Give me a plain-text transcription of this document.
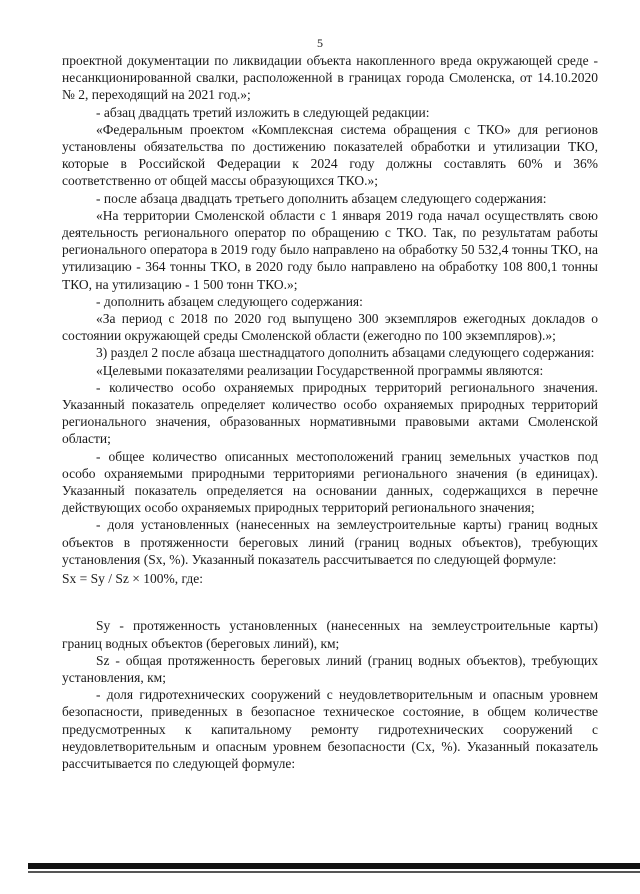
5

проектной документации по ликвидации объекта накопленного вреда окружающей среде - несанкционированной свалки, расположенной в границах города Смоленска, от 14.10.2020 № 2, переходящий на 2021 год.»;

- абзац двадцать третий изложить в следующей редакции:

«Федеральным проектом «Комплексная система обращения с ТКО» для регионов установлены обязательства по достижению показателей обработки и утилизации ТКО, которые в Российской Федерации к 2024 году должны составлять 60% и 36% соответственно от общей массы образующихся ТКО.»;

- после абзаца двадцать третьего дополнить абзацем следующего содержания:

«На территории Смоленской области с 1 января 2019 года начал осуществлять свою деятельность регионального оператор по обращению с ТКО. Так, по результатам работы регионального оператора в 2019 году было направлено на обработку 50 532,4 тонны ТКО, на утилизацию - 364 тонны ТКО, в 2020 году было направлено на обработку 108 800,1 тонны ТКО, на утилизацию - 1 500 тонн ТКО.»;

- дополнить абзацем следующего содержания:

«За период с 2018 по 2020 год выпущено 300 экземпляров ежегодных докладов о состоянии окружающей среды Смоленской области (ежегодно по 100 экземпляров).»;

3) раздел 2 после абзаца шестнадцатого дополнить абзацами следующего содержания:

«Целевыми показателями реализации Государственной программы являются:

- количество особо охраняемых природных территорий регионального значения. Указанный показатель определяет количество особо охраняемых природных территорий регионального значения, образованных нормативными правовыми актами Смоленской области;

- общее количество описанных местоположений границ земельных участков под особо охраняемыми природными территориями регионального значения (в единицах). Указанный показатель определяется на основании данных, содержащихся в перечне действующих особо охраняемых природных территорий регионального значения;

- доля установленных (нанесенных на землеустроительные карты) границ водных объектов в протяженности береговых линий (границ водных объектов), требующих установления (Sх, %). Указанный показатель рассчитывается по следующей формуле:

Sx = Sy / Sz × 100%, где:

Sy - протяженность установленных (нанесенных на землеустроительные карты) границ водных объектов (береговых линий), км;

Sz - общая протяженность береговых линий (границ водных объектов), требующих установления, км;

- доля гидротехнических сооружений с неудовлетворительным и опасным уровнем безопасности, приведенных в безопасное техническое состояние, в общем количестве предусмотренных к капитальному ремонту гидротехнических сооружений с неудовлетворительным и опасным уровнем безопасности (Сх, %). Указанный показатель рассчитывается по следующей формуле:
